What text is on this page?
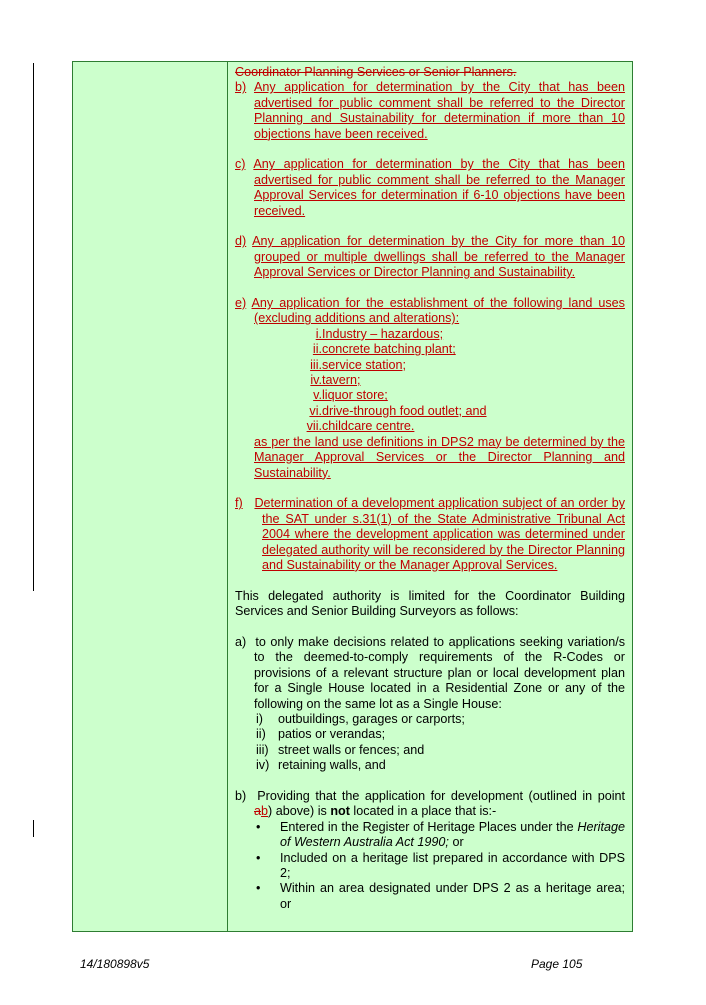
Coordinator Planning Services or Senior Planners.

b) Any application for determination by the City that has been advertised for public comment shall be referred to the Director Planning and Sustainability for determination if more than 10 objections have been received.

c) Any application for determination by the City that has been advertised for public comment shall be referred to the Manager Approval Services for determination if 6-10 objections have been received.

d) Any application for determination by the City for more than 10 grouped or multiple dwellings shall be referred to the Manager Approval Services or Director Planning and Sustainability.

e) Any application for the establishment of the following land uses (excluding additions and alterations):

i. Industry – hazardous;
ii. concrete batching plant;
iii. service station;
iv. tavern;
v. liquor store;
vi. drive-through food outlet; and
vii. childcare centre.

as per the land use definitions in DPS2 may be determined by the Manager Approval Services or the Director Planning and Sustainability.

f) Determination of a development application subject of an order by the SAT under s.31(1) of the State Administrative Tribunal Act 2004 where the development application was determined under delegated authority will be reconsidered by the Director Planning and Sustainability or the Manager Approval Services.

This delegated authority is limited for the Coordinator Building Services and Senior Building Surveyors as follows:

a) to only make decisions related to applications seeking variation/s to the deemed-to-comply requirements of the R-Codes or provisions of a relevant structure plan or local development plan for a Single House located in a Residential Zone or any of the following on the same lot as a Single House:

i)	outbuildings, garages or carports;
ii) patios or verandas;
iii) street walls or fences; and
iv) retaining walls, and

b) Providing that the application for development (outlined in point ab) above) is not located in a place that is:-

•	Entered in the Register of Heritage Places under the Heritage of Western Australia Act 1990; or
•	Included on a heritage list prepared in accordance with DPS 2;
•	Within an area designated under DPS 2 as a heritage area; or
14/180898v5	Page 105
